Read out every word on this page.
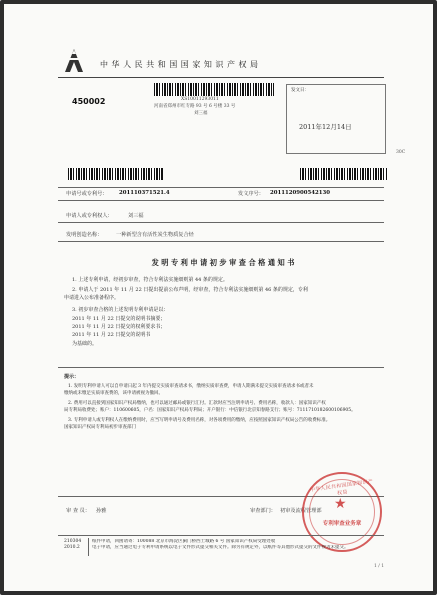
中 华 人 民 共 和 国 国 家 知 识 产 权 局
450002	XS10011293011
河南省郑州市红专路 93 号 6 号楼 33 号
刘三福
发文日：
2011年12月14日
30C
申请号或专利号： 201110371521.4	发文序号： 2011120900542130
申请人或专利权人：	刘三福
发明创造名称：	一种新型含有活性炭生物质复合烃
发 明 专 利 申 请 初 步 审 查 合 格 通 知 书
1. 上述专利申请，经初步审查，符合专利法实施细则第 44 条的规定。
2. 申请人于 2011 年 11 月 22 日提出提前公布声明，经审查，符合专利法实施细则第 46 条的规定，专利
申请进入公布准备程序。
3. 初步审查合格的上述发明专利申请是以：
2011 年 11 月 22 日提交的说明书摘要；
2011 年 11 月 22 日提交的权利要求书；
2011 年 11 月 22 日提交的说明书
为基础的。
提示：
1. 发明专利申请人可以自申请日起 3 年内提交实质审查请求书，缴纳实质审查费，申请人期满未提交实质审查请求书或者未
缴纳或未缴足实质审查费的，该申请被视为撤回。
2. 费用可以直接到国家知识产权局缴纳，也可以通过邮局或银行汇付。汇款时应当注明申请号、费用名称，收款人：国家知识产权
局专利局收费处；账户：110600605，户名：国家知识产权局专利局；开户银行：中信银行北京知春路支行；账号：7111710182600106905。
3. 专利申请人或专利权人在缴纳费用时，应当写明申请号及费用名称，对各项费用的缴纳，应按照国家知识产权局公告的收费标准。
国家知识产权局专利局初步审查部门
审 查 员： 孙雅	审查部门： 初审及流程管理部
中华人民共和国国家知识产权局
★
专利审查业务章
210304
2010.2
纸件申请，回函请寄：100088 北京市海淀区蓟门桥西土城路 6 号 国家知识产权局受理处收
电子申请，应当通过电子专利申请系统以电子文件形式提交相关文件。除另有规定外，以纸件等其他形式提交的文件视为未提交。
1 / 1
